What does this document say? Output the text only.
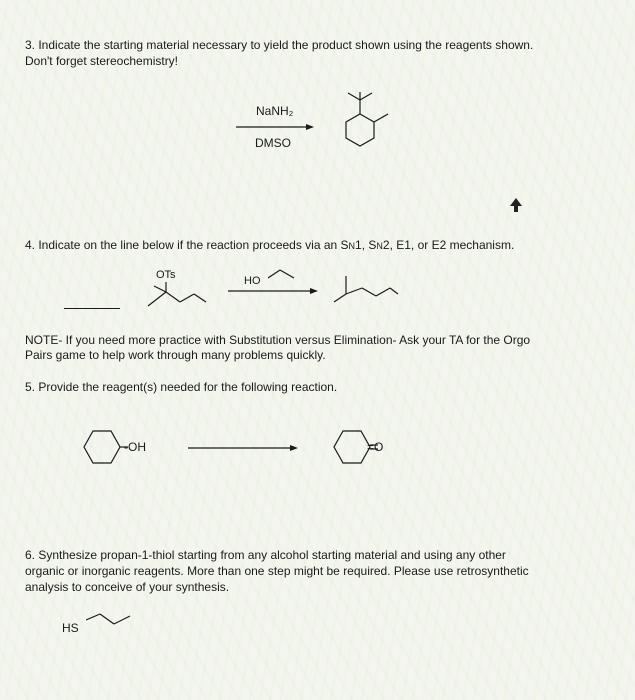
3. Indicate the starting material necessary to yield the product shown using the reagents shown.
Don't forget stereochemistry!
NaNH₂
DMSO
4. Indicate on the line below if the reaction proceeds via an SN1, SN2, E1, or E2 mechanism.
OTs	HO
NOTE- If you need more practice with Substitution versus Elimination- Ask your TA for the Orgo
Pairs game to help work through many problems quickly.
5. Provide the reagent(s) needed for the following reaction.
-OH	=O
6. Synthesize propan-1-thiol starting from any alcohol starting material and using any other
organic or inorganic reagents. More than one step might be required. Please use retrosynthetic
analysis to conceive of your synthesis.
HS
